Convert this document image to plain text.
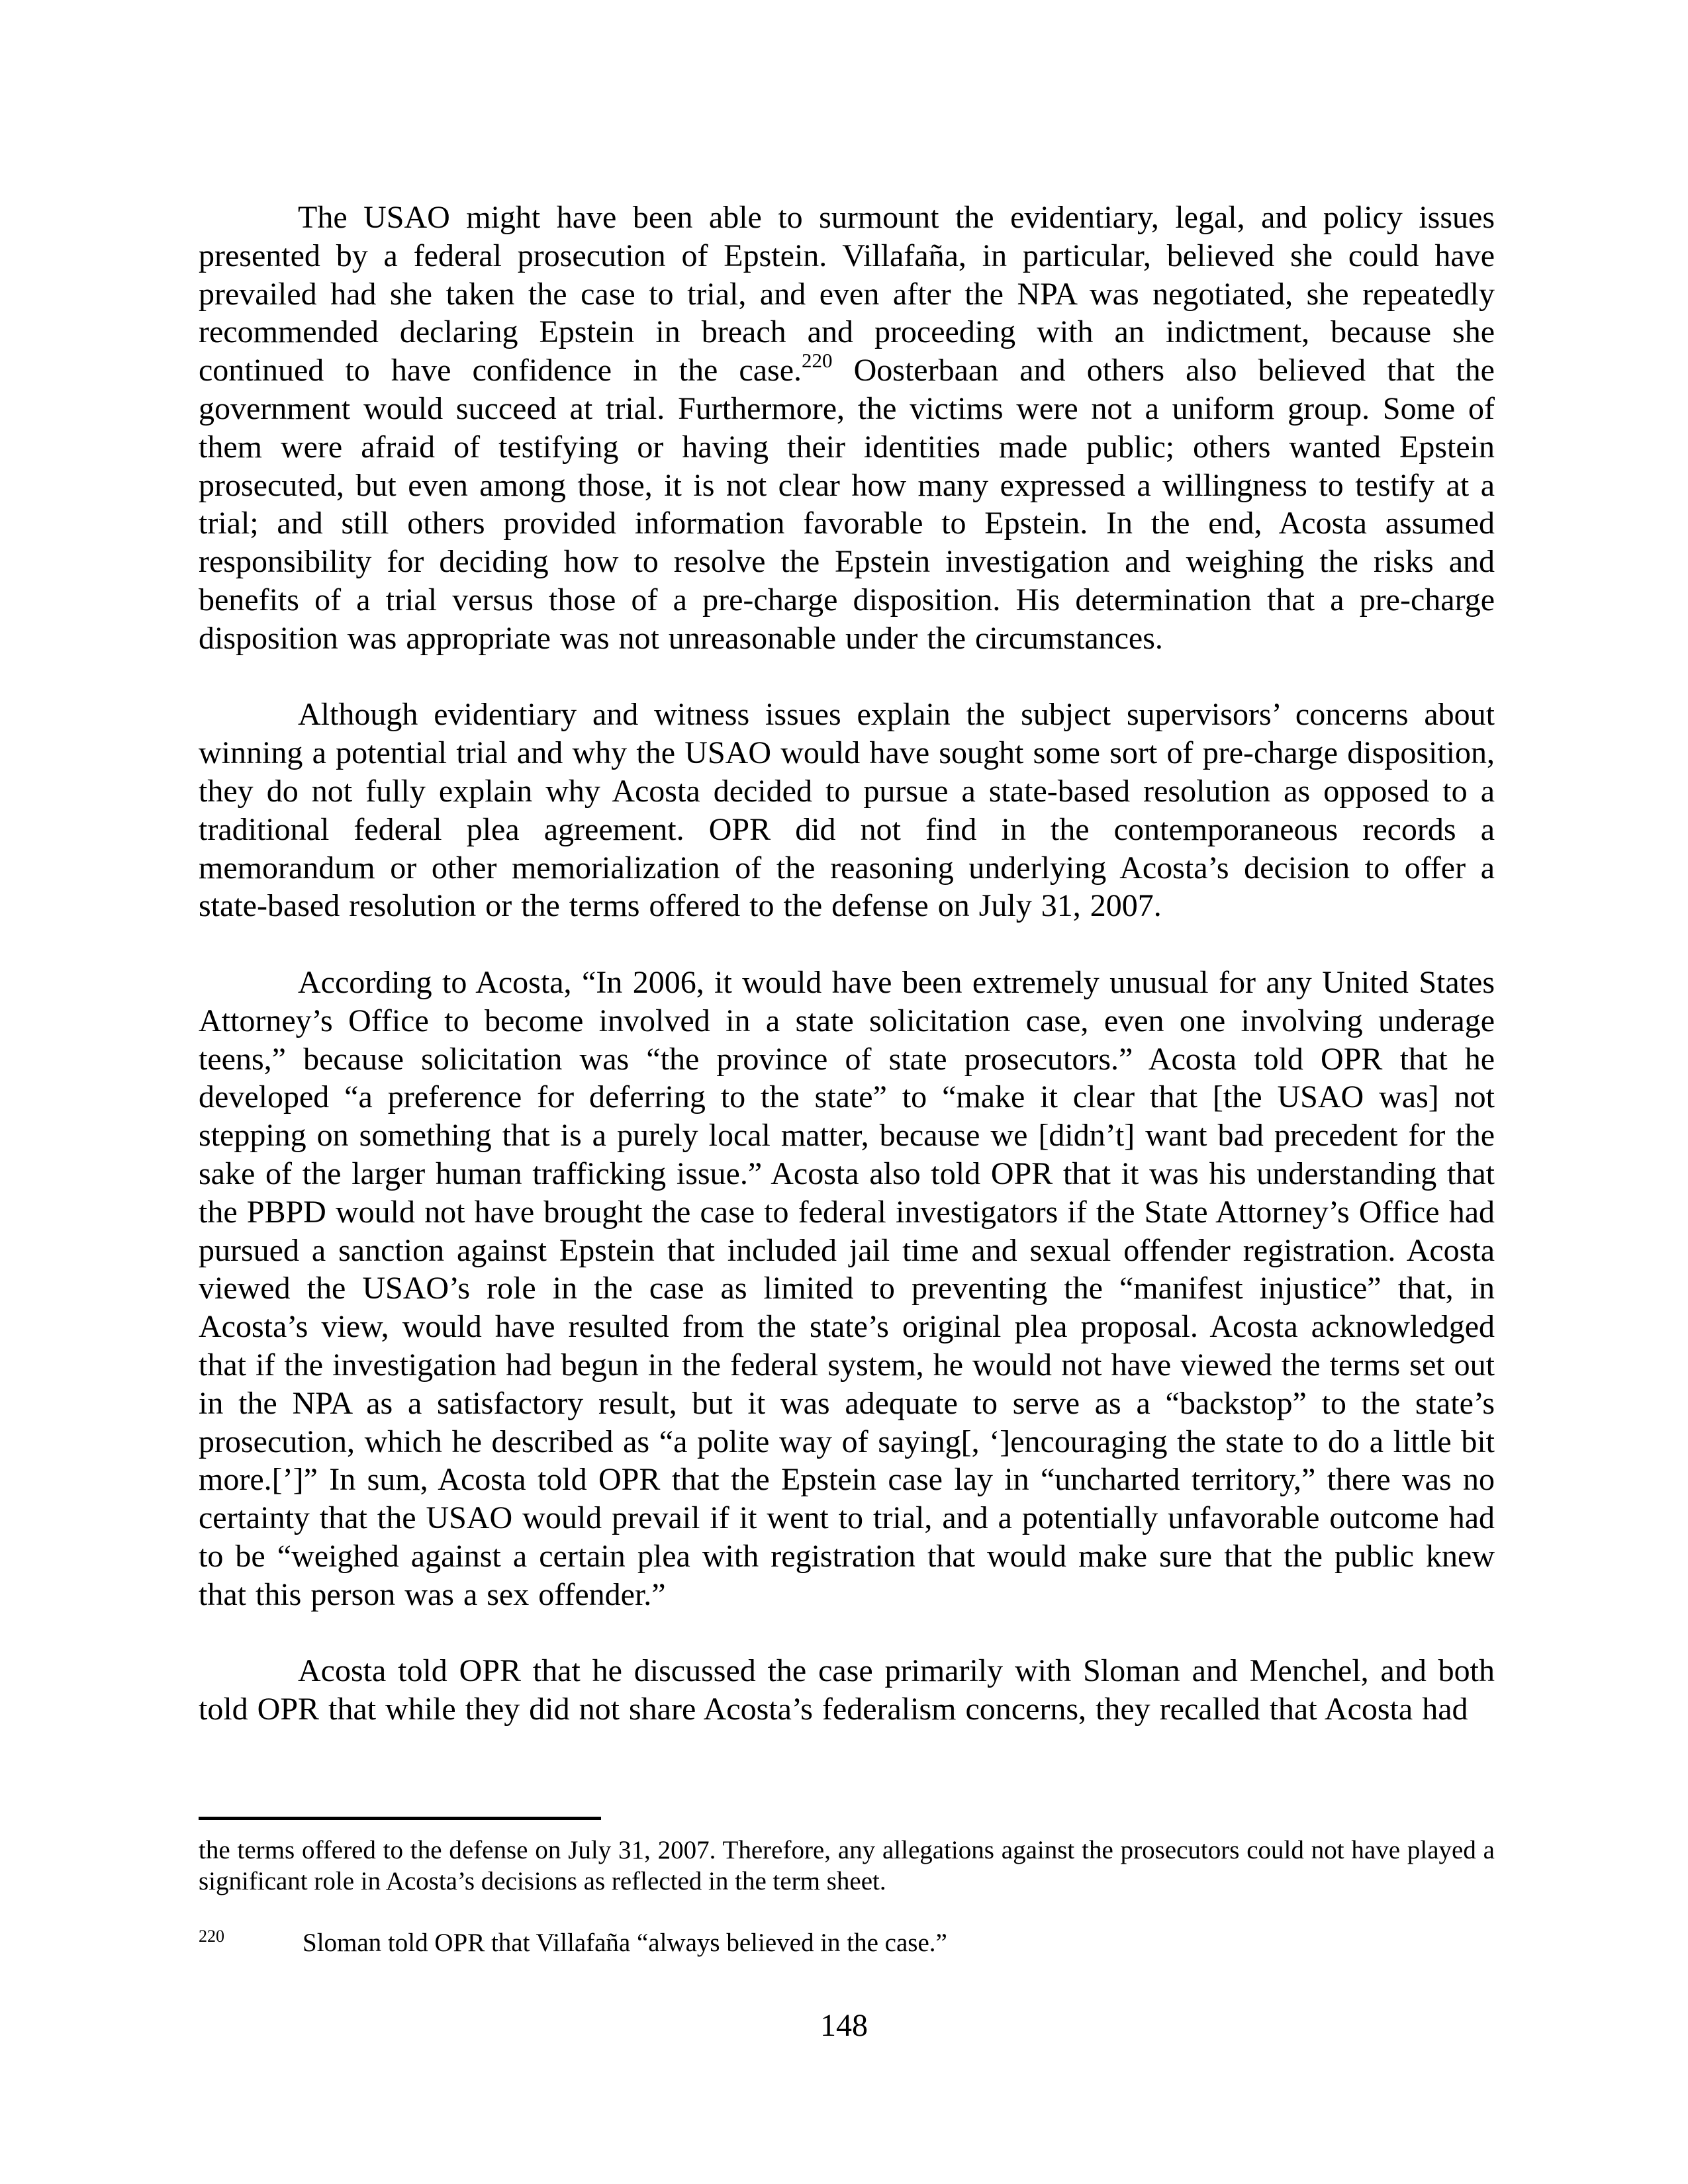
The USAO might have been able to surmount the evidentiary, legal, and policy issues presented by a federal prosecution of Epstein. Villafaña, in particular, believed she could have prevailed had she taken the case to trial, and even after the NPA was negotiated, she repeatedly recommended declaring Epstein in breach and proceeding with an indictment, because she continued to have confidence in the case.$^{220}$ Oosterbaan and others also believed that the government would succeed at trial. Furthermore, the victims were not a uniform group. Some of them were afraid of testifying or having their identities made public; others wanted Epstein prosecuted, but even among those, it is not clear how many expressed a willingness to testify at a trial; and still others provided information favorable to Epstein. In the end, Acosta assumed responsibility for deciding how to resolve the Epstein investigation and weighing the risks and benefits of a trial versus those of a pre-charge disposition. His determination that a pre-charge disposition was appropriate was not unreasonable under the circumstances.

Although evidentiary and witness issues explain the subject supervisors’ concerns about winning a potential trial and why the USAO would have sought some sort of pre-charge disposition, they do not fully explain why Acosta decided to pursue a state-based resolution as opposed to a traditional federal plea agreement. OPR did not find in the contemporaneous records a memorandum or other memorialization of the reasoning underlying Acosta’s decision to offer a state-based resolution or the terms offered to the defense on July 31, 2007.

According to Acosta, “In 2006, it would have been extremely unusual for any United States Attorney’s Office to become involved in a state solicitation case, even one involving underage teens,” because solicitation was “the province of state prosecutors.” Acosta told OPR that he developed “a preference for deferring to the state” to “make it clear that [the USAO was] not stepping on something that is a purely local matter, because we [didn’t] want bad precedent for the sake of the larger human trafficking issue.” Acosta also told OPR that it was his understanding that the PBPD would not have brought the case to federal investigators if the State Attorney’s Office had pursued a sanction against Epstein that included jail time and sexual offender registration. Acosta viewed the USAO’s role in the case as limited to preventing the “manifest injustice” that, in Acosta’s view, would have resulted from the state’s original plea proposal. Acosta acknowledged that if the investigation had begun in the federal system, he would not have viewed the terms set out in the NPA as a satisfactory result, but it was adequate to serve as a “backstop” to the state’s prosecution, which he described as “a polite way of saying[, ‘]encouraging the state to do a little bit more.[’]” In sum, Acosta told OPR that the Epstein case lay in “uncharted territory,” there was no certainty that the USAO would prevail if it went to trial, and a potentially unfavorable outcome had to be “weighed against a certain plea with registration that would make sure that the public knew that this person was a sex offender.”

Acosta told OPR that he discussed the case primarily with Sloman and Menchel, and both told OPR that while they did not share Acosta’s federalism concerns, they recalled that Acosta had

the terms offered to the defense on July 31, 2007. Therefore, any allegations against the prosecutors could not have played a significant role in Acosta’s decisions as reflected in the term sheet.

$^{220}$	Sloman told OPR that Villafaña “always believed in the case.”

148
